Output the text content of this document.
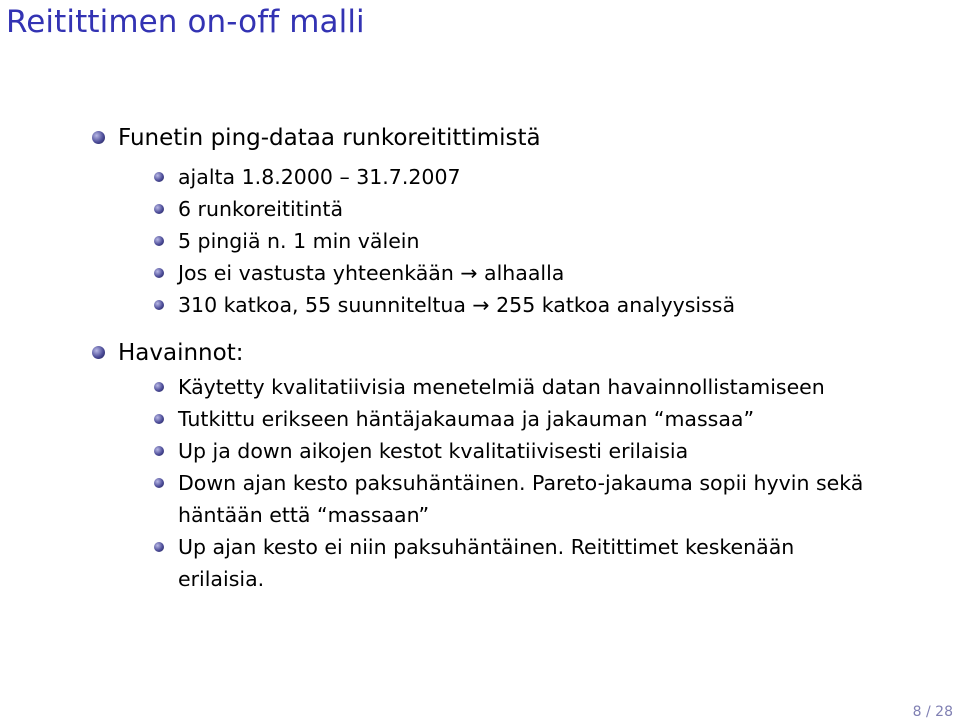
Reitittimen on-off malli
Funetin ping-dataa runkoreitittimistä
ajalta 1.8.2000 – 31.7.2007
6 runkoreititintä
5 pingiä n. 1 min välein
Jos ei vastusta yhteenkään → alhaalla
310 katkoa, 55 suunniteltua → 255 katkoa analyysissä
Havainnot:
Käytetty kvalitatiivisia menetelmiä datan havainnollistamiseen
Tutkittu erikseen häntäjakaumaa ja jakauman “massaa”
Up ja down aikojen kestot kvalitatiivisesti erilaisia
Down ajan kesto paksuhäntäinen. Pareto-jakauma sopii hyvin sekä häntään että “massaan”
Up ajan kesto ei niin paksuhäntäinen. Reitittimet keskenään erilaisia.
8 / 28
